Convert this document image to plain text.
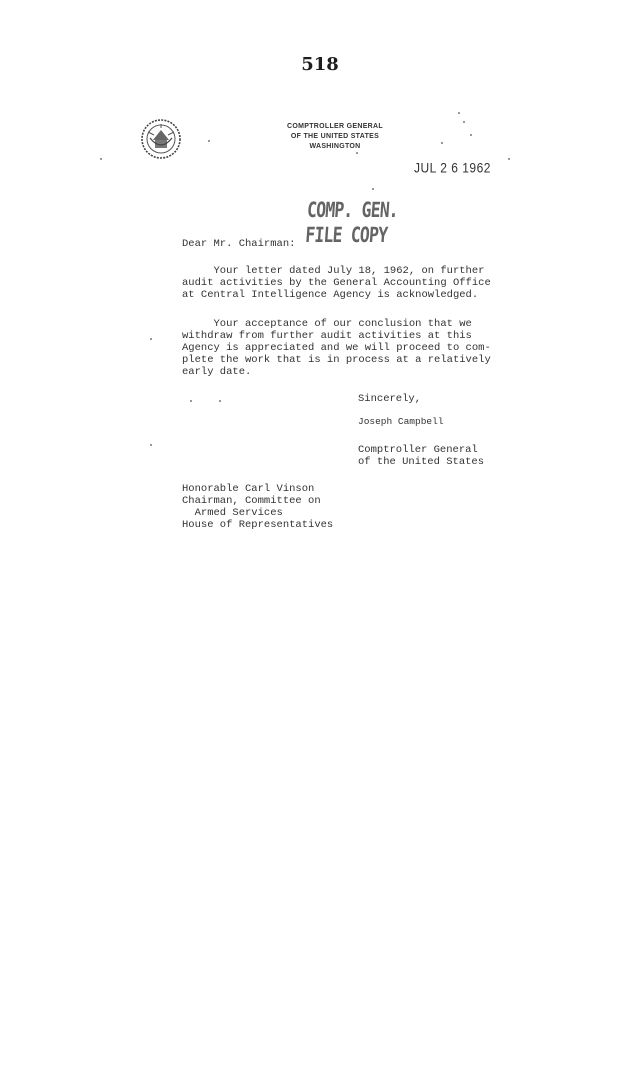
518
COMPTROLLER GENERAL
OF THE UNITED STATES
WASHINGTON
JUL 2 6 1962
COMP. GEN.
FILE COPY
Dear Mr. Chairman:
Your letter dated July 18, 1962, on further
audit activities by the General Accounting Office
at Central Intelligence Agency is acknowledged.
Your acceptance of our conclusion that we
withdraw from further audit activities at this
Agency is appreciated and we will proceed to com-
plete the work that is in process at a relatively
early date.
Sincerely,
Joseph Campbell
Comptroller General
of the United States
Honorable Carl Vinson
Chairman, Committee on
Armed Services
House of Representatives
